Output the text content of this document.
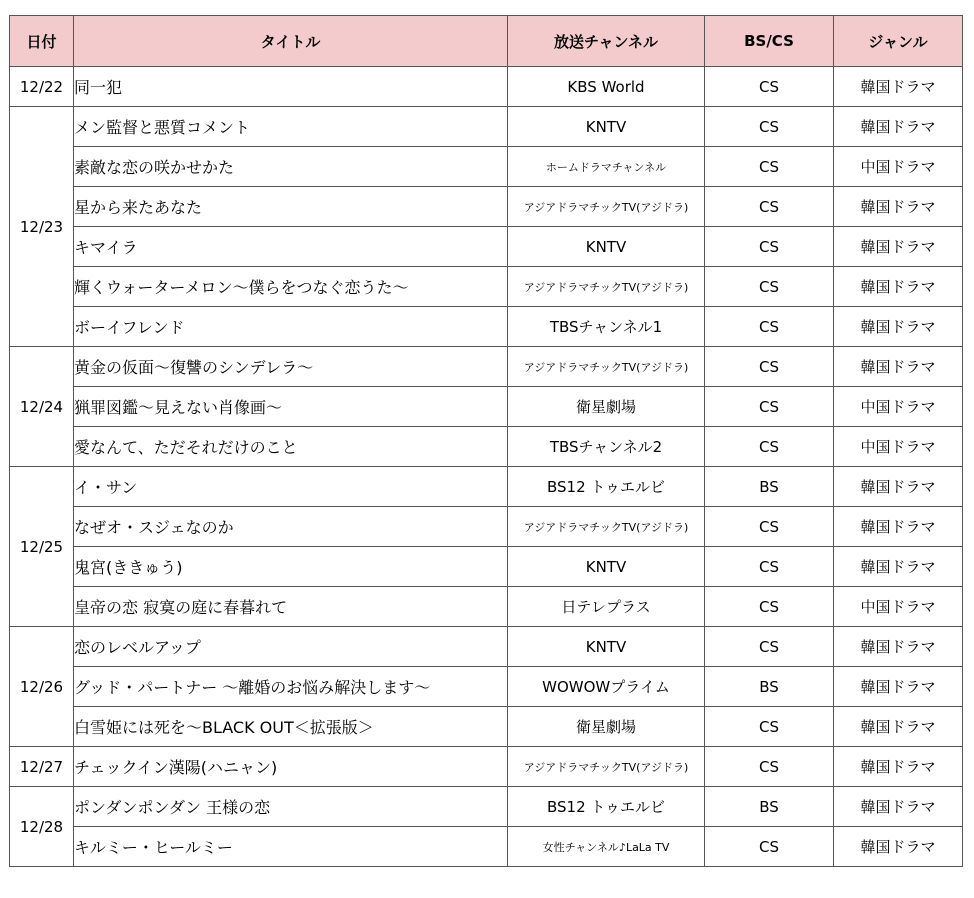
日付	タイトル	放送チャンネル	BS/CS	ジャンル
12/22	同一犯	KBS World	CS	韓国ドラマ
12/23	メン監督と悪質コメント	KNTV	CS	韓国ドラマ
	素敵な恋の咲かせかた	ホームドラマチャンネル	CS	中国ドラマ
	星から来たあなた	アジアドラマチックTV(アジドラ)	CS	韓国ドラマ
	キマイラ	KNTV	CS	韓国ドラマ
	輝くウォーターメロン～僕らをつなぐ恋うた～	アジアドラマチックTV(アジドラ)	CS	韓国ドラマ
	ボーイフレンド	TBSチャンネル1	CS	韓国ドラマ
12/24	黄金の仮面～復讐のシンデレラ～	アジアドラマチックTV(アジドラ)	CS	韓国ドラマ
	猟罪図鑑～見えない肖像画～	衛星劇場	CS	中国ドラマ
	愛なんて、ただそれだけのこと	TBSチャンネル2	CS	中国ドラマ
12/25	イ・サン	BS12 トゥエルビ	BS	韓国ドラマ
	なぜオ・スジェなのか	アジアドラマチックTV(アジドラ)	CS	韓国ドラマ
	鬼宮(ききゅう)	KNTV	CS	韓国ドラマ
	皇帝の恋 寂寞の庭に春暮れて	日テレプラス	CS	中国ドラマ
12/26	恋のレベルアップ	KNTV	CS	韓国ドラマ
	グッド・パートナー ～離婚のお悩み解決します～	WOWOWプライム	BS	韓国ドラマ
	白雪姫には死を～BLACK OUT＜拡張版＞	衛星劇場	CS	韓国ドラマ
12/27	チェックイン漢陽(ハニャン)	アジアドラマチックTV(アジドラ)	CS	韓国ドラマ
12/28	ポンダンポンダン 王様の恋	BS12 トゥエルビ	BS	韓国ドラマ
	キルミー・ヒールミー	女性チャンネル♪LaLa TV	CS	韓国ドラマ
